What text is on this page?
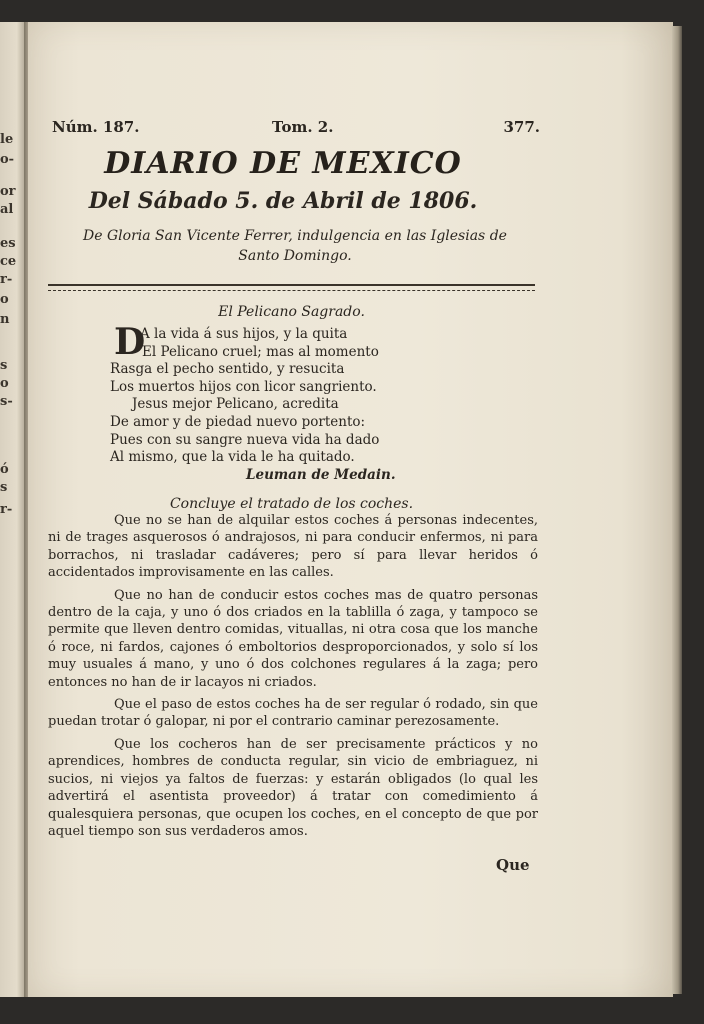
le
o-
or
al
es
ce
r-
o
n
s
o
s-
ó
s
r-
Núm. 187.	Tom. 2.	377.
DIARIO DE MEXICO
Del Sábado 5. de Abril de 1806.
De Gloria San Vicente Ferrer, indulgencia en las Iglesias de Santo Domingo.
El Pelicano Sagrado.
D
A la vida á sus hijos, y la quita
El Pelicano cruel; mas al momento
Rasga el pecho sentido, y resucita
Los muertos hijos con licor sangriento.
Jesus mejor Pelicano, acredita
De amor y de piedad nuevo portento:
Pues con su sangre nueva vida ha dado
Al mismo, que la vida le ha quitado.
Leuman de Medain.
Concluye el tratado de los coches.

Que no se han de alquilar estos coches á personas indecentes, ni de trages asquerosos ó andrajosos, ni para conducir enfermos, ni para borrachos, ni trasladar cadáveres; pero sí para llevar heridos ó accidentados improvisamente en las calles.

Que no han de conducir estos coches mas de quatro personas dentro de la caja, y uno ó dos criados en la tablilla ó zaga, y tampoco se permite que lleven dentro comidas, vituallas, ni otra cosa que los manche ó roce, ni fardos, cajones ó emboltorios desproporcionados, y solo sí los muy usuales á mano, y uno ó dos colchones regulares á la zaga; pero entonces no han de ir lacayos ni criados.

Que el paso de estos coches ha de ser regular ó rodado, sin que puedan trotar ó galopar, ni por el contrario caminar perezosamente.

Que los cocheros han de ser precisamente prácticos y no aprendices, hombres de conducta regular, sin vicio de embriaguez, ni sucios, ni viejos ya faltos de fuerzas: y estarán obligados (lo qual les advertirá el asentista proveedor) á tratar con comedimiento á qualesquiera personas, que ocupen los coches, en el concepto de que por aquel tiempo son sus verdaderos amos.

Que
